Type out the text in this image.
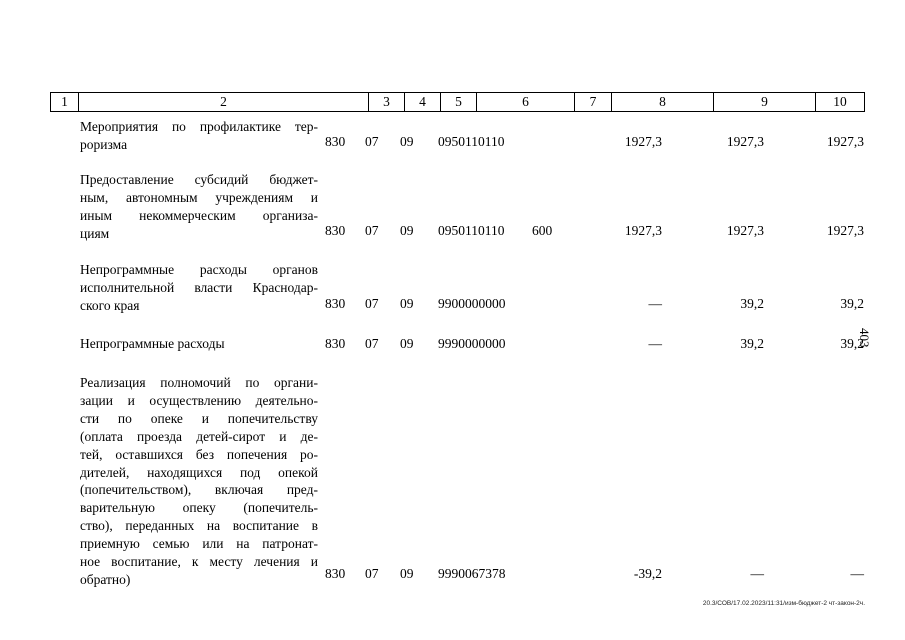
1	2	3	4	5	6	7	8	9	10
Мероприятия по профилактике тер-
роризма	830 07 09 0950110110	1927,3	1927,3	1927,3
Предоставление субсидий бюджет-
ным, автономным учреждениям и
иным некоммерческим организа-
циям	830 07 09 0950110110 600	1927,3	1927,3	1927,3
Непрограммные расходы органов
исполнительной власти Краснодар-
ского края	830 07 09 9900000000	—	39,2	39,2
Непрограммные расходы	830 07 09 9990000000	—	39,2	39,2
Реализация полномочий по органи-
зации и осуществлению деятельно-
сти по опеке и попечительству
(оплата проезда детей-сирот и де-
тей, оставшихся без попечения ро-
дителей, находящихся под опекой
(попечительством), включая пред-
варительную опеку (попечитель-
ство), переданных на воспитание в
приемную семью или на патронат-
ное воспитание, к месту лечения и
обратно)	830 07 09 9990067378	-39,2	—	—
403
20.3/СОВ/17.02.2023/11:31/изм-бюджет-2 чт-закон-2ч.
